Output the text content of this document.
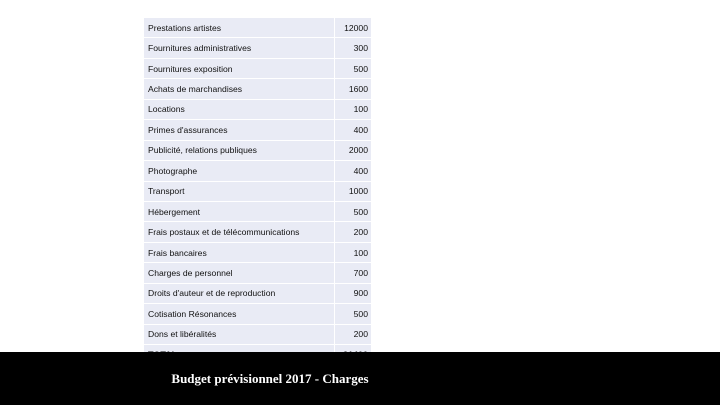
Prestations artistes	12000
Fournitures administratives	300
Fournitures exposition	500
Achats de marchandises	1600
Locations	100
Primes d'assurances	400
Publicité, relations publiques	2000
Photographe	400
Transport	1000
Hébergement	500
Frais postaux et de télécommunications	200
Frais bancaires	100
Charges de personnel	700
Droits d'auteur et de reproduction	900
Cotisation Résonances	500
Dons et libéralités	200

Budget prévisionnel 2017 - Charges
